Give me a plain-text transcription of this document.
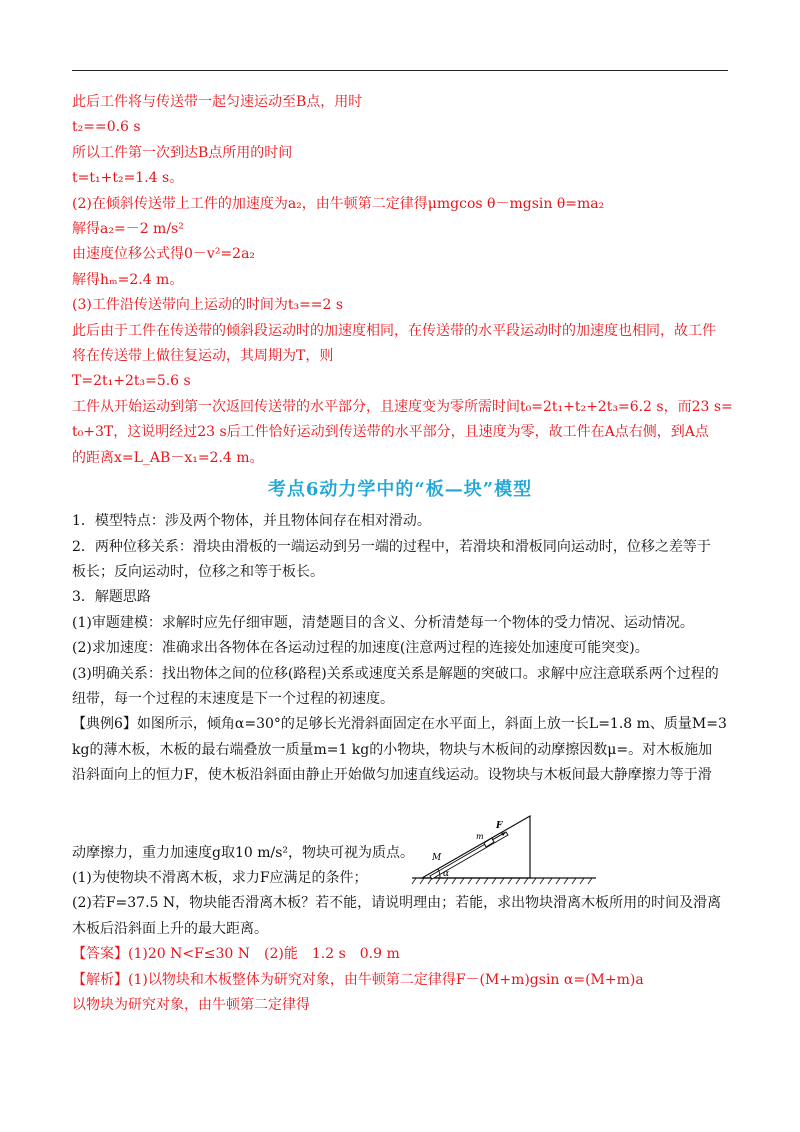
此后工件将与传送带一起匀速运动至B点，用时
t₂==0.6 s
所以工件第一次到达B点所用的时间
t=t₁+t₂=1.4 s。
(2)在倾斜传送带上工件的加速度为a₂，由牛顿第二定律得μmgcos θ－mgsin θ=ma₂
解得a₂=－2 m/s²
由速度位移公式得0－v²=2a₂
解得hₘ=2.4 m。
(3)工件沿传送带向上运动的时间为t₃==2 s
此后由于工件在传送带的倾斜段运动时的加速度相同，在传送带的水平段运动时的加速度也相同，故工件
将在传送带上做往复运动，其周期为T，则
T=2t₁+2t₃=5.6 s
工件从开始运动到第一次返回传送带的水平部分，且速度变为零所需时间t₀=2t₁+t₂+2t₃=6.2 s，而23 s=
t₀+3T，这说明经过23 s后工件恰好运动到传送带的水平部分，且速度为零，故工件在A点右侧，到A点
的距离x=L_AB－x₁=2.4 m。
考点6动力学中的“板—块”模型
1．模型特点：涉及两个物体，并且物体间存在相对滑动。
2．两种位移关系：滑块由滑板的一端运动到另一端的过程中，若滑块和滑板同向运动时，位移之差等于
板长；反向运动时，位移之和等于板长。
3．解题思路
(1)审题建模：求解时应先仔细审题，清楚题目的含义、分析清楚每一个物体的受力情况、运动情况。
(2)求加速度：准确求出各物体在各运动过程的加速度(注意两过程的连接处加速度可能突变)。
(3)明确关系：找出物体之间的位移(路程)关系或速度关系是解题的突破口。求解中应注意联系两个过程的
纽带，每一个过程的末速度是下一个过程的初速度。
【典例6】如图所示，倾角α=30°的足够长光滑斜面固定在水平面上，斜面上放一长L=1.8 m、质量M=3
kg的薄木板，木板的最右端叠放一质量m=1 kg的小物块，物块与木板间的动摩擦因数μ=。对木板施加
沿斜面向上的恒力F，使木板沿斜面由静止开始做匀加速直线运动。设物块与木板间最大静摩擦力等于滑
动摩擦力，重力加速度g取10 m/s²，物块可视为质点。	M
m
F
α
(1)为使物块不滑离木板，求力F应满足的条件；
(2)若F=37.5 N，物块能否滑离木板？若不能，请说明理由；若能，求出物块滑离木板所用的时间及滑离
木板后沿斜面上升的最大距离。
【答案】(1)20 N<F≤30 N　(2)能　1.2 s　0.9 m
【解析】(1)以物块和木板整体为研究对象，由牛顿第二定律得F－(M+m)gsin α=(M+m)a
以物块为研究对象，由牛顿第二定律得
